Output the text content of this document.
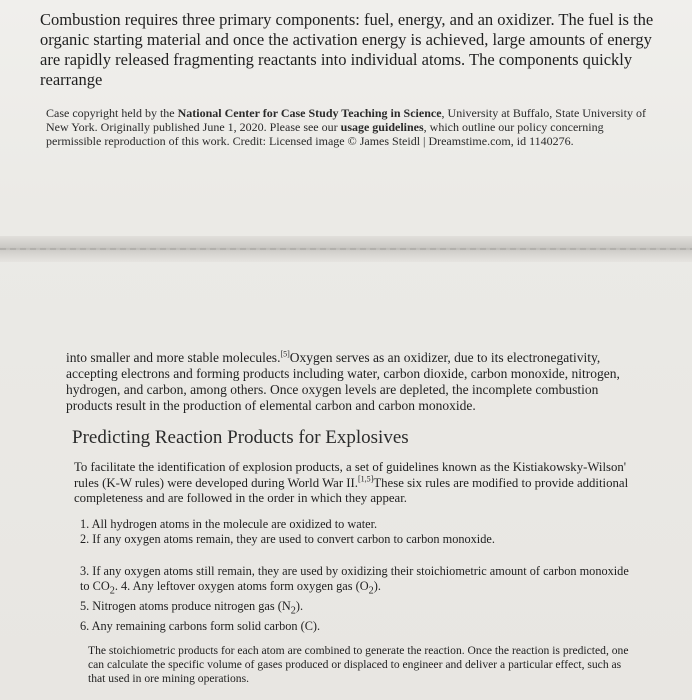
Combustion requires three primary components: fuel, energy, and an oxidizer. The fuel is the organic starting material and once the activation energy is achieved, large amounts of energy are rapidly released fragmenting reactants into individual atoms. The components quickly rearrange

Case copyright held by the National Center for Case Study Teaching in Science, University at Buffalo, State University of New York. Originally published June 1, 2020. Please see our usage guidelines, which outline our policy concerning permissible reproduction of this work. Credit: Licensed image © James Steidl | Dreamstime.com, id 1140276.

into smaller and more stable molecules.[5]Oxygen serves as an oxidizer, due to its electronegativity, accepting electrons and forming products including water, carbon dioxide, carbon monoxide, nitrogen, hydrogen, and carbon, among others. Once oxygen levels are depleted, the incomplete combustion products result in the production of elemental carbon and carbon monoxide.

Predicting Reaction Products for Explosives

To facilitate the identification of explosion products, a set of guidelines known as the Kistiakowsky-Wilson' rules (K-W rules) were developed during World War II.[1,5]These six rules are modified to provide additional completeness and are followed in the order in which they appear.

1. All hydrogen atoms in the molecule are oxidized to water.
2. If any oxygen atoms remain, they are used to convert carbon to carbon monoxide.
3. If any oxygen atoms still remain, they are used by oxidizing their stoichiometric amount of carbon monoxide to $CO_2$. 4. Any leftover oxygen atoms form oxygen gas $(O_2)$.
5. Nitrogen atoms produce nitrogen gas $(N_2)$.
6. Any remaining carbons form solid carbon (C).

The stoichiometric products for each atom are combined to generate the reaction. Once the reaction is predicted, one can calculate the specific volume of gases produced or displaced to engineer and deliver a particular effect, such as that used in ore mining operations.
